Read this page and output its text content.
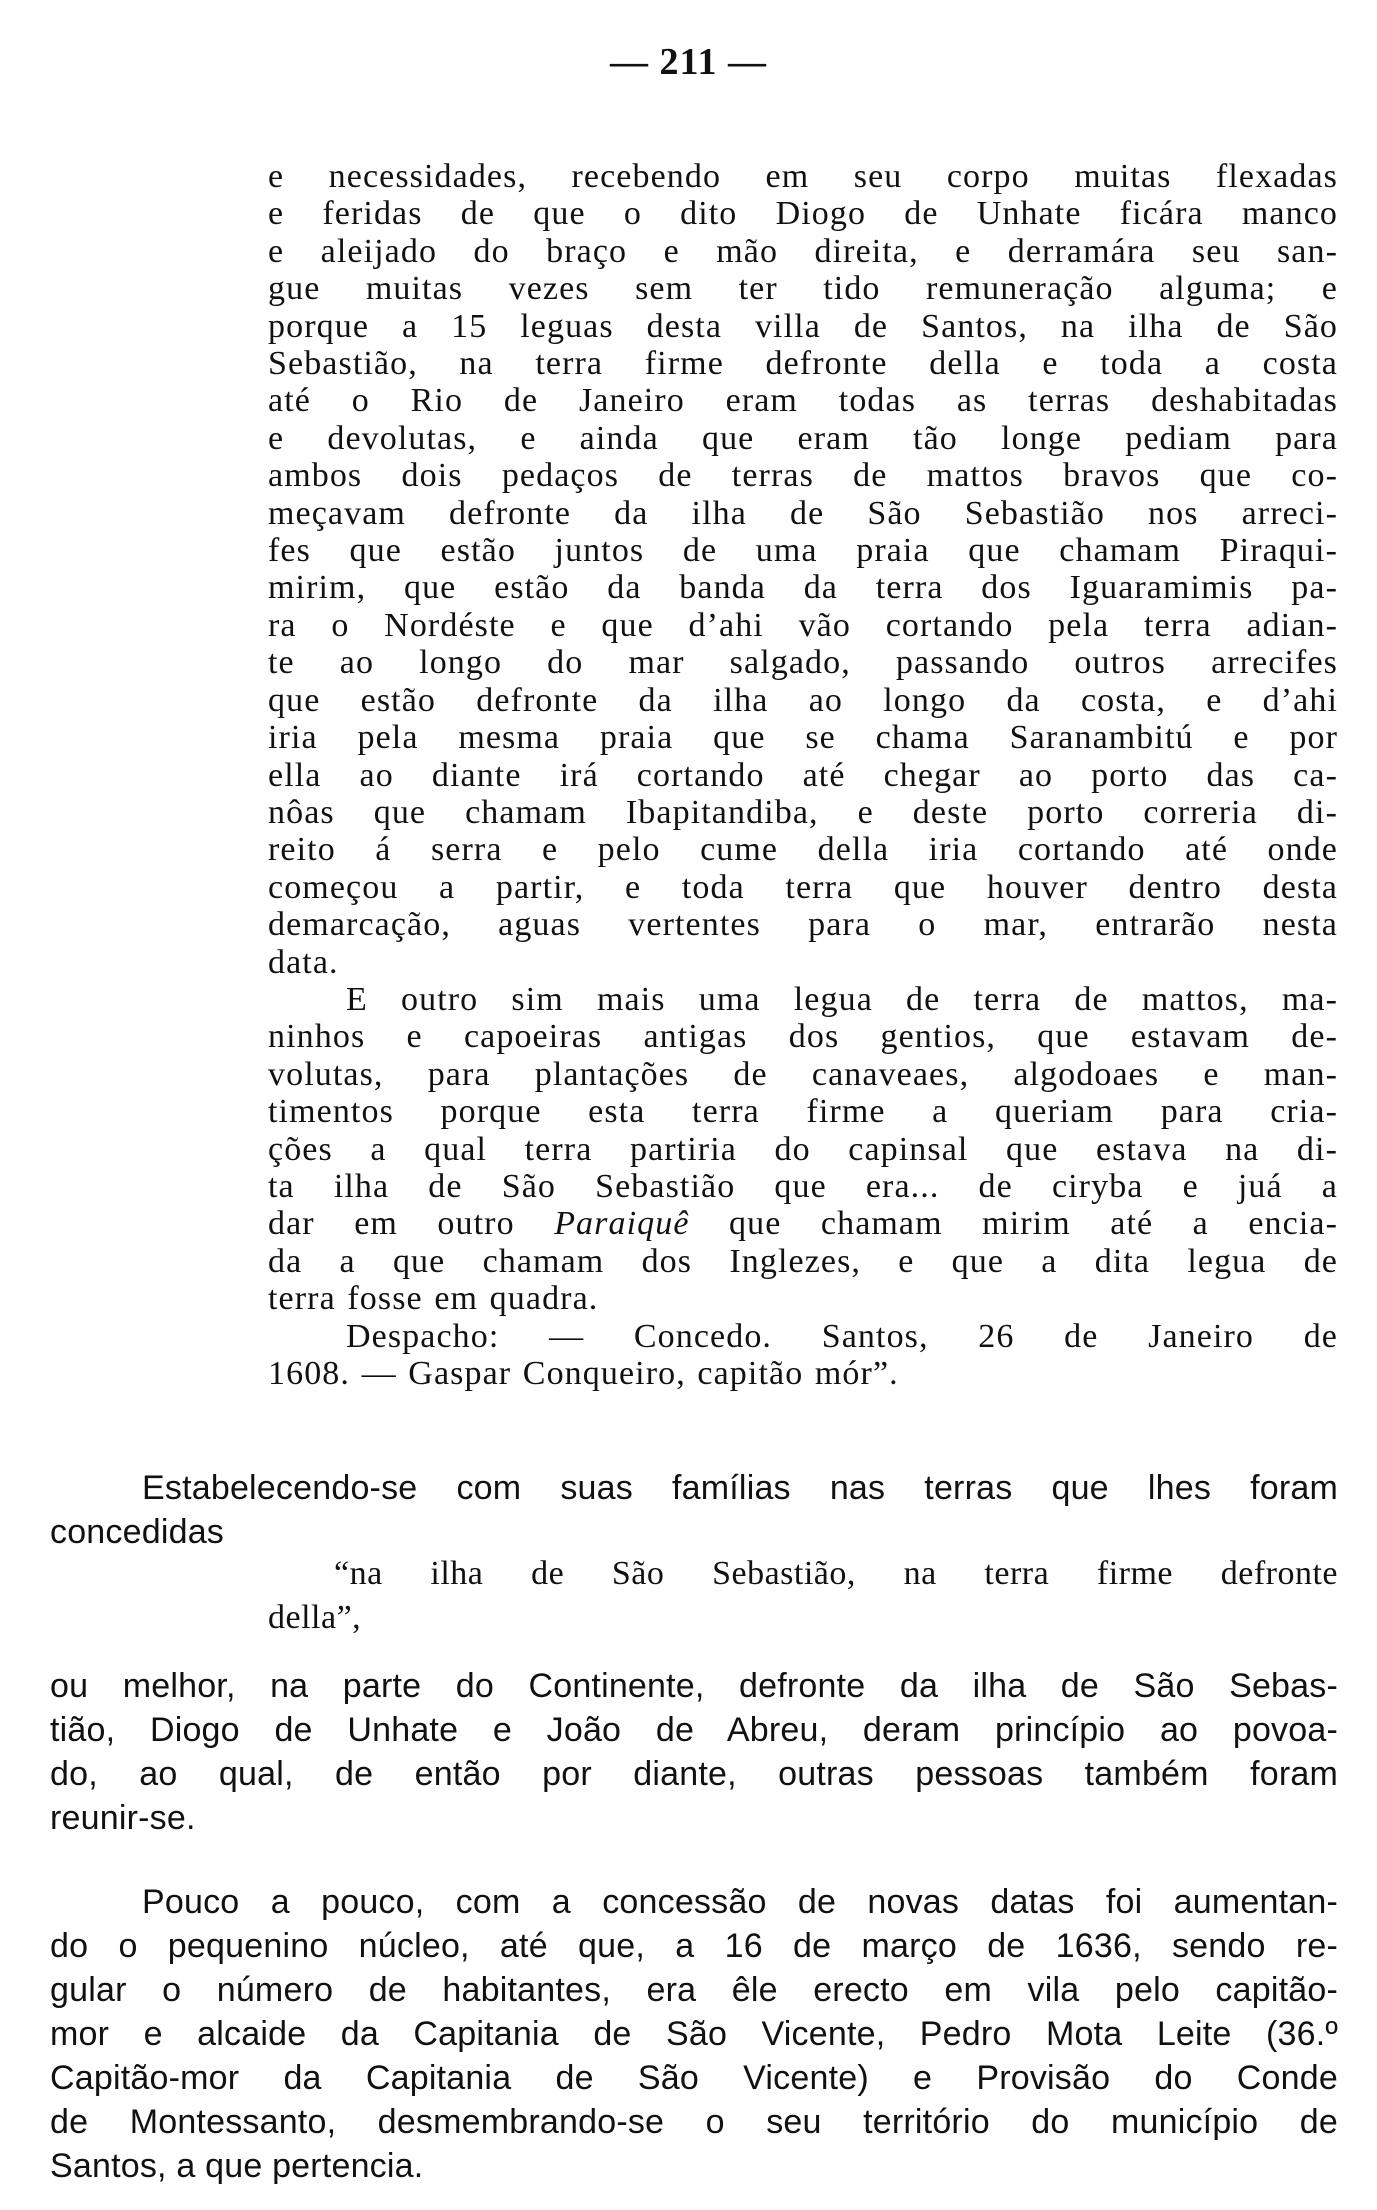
— 211 —
e necessidades, recebendo em seu corpo muitas flexadas
e feridas de que o dito Diogo de Unhate ficára manco
e aleijado do braço e mão direita, e derramára seu san-
gue muitas vezes sem ter tido remuneração alguma; e
porque a 15 leguas desta villa de Santos, na ilha de São
Sebastião, na terra firme defronte della e toda a costa
até o Rio de Janeiro eram todas as terras deshabitadas
e devolutas, e ainda que eram tão longe pediam para
ambos dois pedaços de terras de mattos bravos que co-
meçavam defronte da ilha de São Sebastião nos arreci-
fes que estão juntos de uma praia que chamam Piraqui-
mirim, que estão da banda da terra dos Iguaramimis pa-
ra o Nordéste e que d’ahi vão cortando pela terra adian-
te ao longo do mar salgado, passando outros arrecifes
que estão defronte da ilha ao longo da costa, e d’ahi
iria pela mesma praia que se chama Saranambitú e por
ella ao diante irá cortando até chegar ao porto das ca-
nôas que chamam Ibapitandiba, e deste porto correria di-
reito á serra e pelo cume della iria cortando até onde
começou a partir, e toda terra que houver dentro desta
demarcação, aguas vertentes para o mar, entrarão nesta
data.
E outro sim mais uma legua de terra de mattos, ma-
ninhos e capoeiras antigas dos gentios, que estavam de-
volutas, para plantações de canaveaes, algodoaes e man-
timentos porque esta terra firme a queriam para cria-
ções a qual terra partiria do capinsal que estava na di-
ta ilha de São Sebastião que era... de ciryba e juá a
dar em outro Paraiquê que chamam mirim até a encia-
da a que chamam dos Inglezes, e que a dita legua de
terra fosse em quadra.
Despacho: — Concedo. Santos, 26 de Janeiro de
1608. — Gaspar Conqueiro, capitão mór”.
Estabelecendo-se com suas famílias nas terras que lhes foram
concedidas
“na ilha de São Sebastião, na terra firme defronte
della”,
ou melhor, na parte do Continente, defronte da ilha de São Sebas-
tião, Diogo de Unhate e João de Abreu, deram princípio ao povoa-
do, ao qual, de então por diante, outras pessoas também foram
reunir-se.
Pouco a pouco, com a concessão de novas datas foi aumentan-
do o pequenino núcleo, até que, a 16 de março de 1636, sendo re-
gular o número de habitantes, era êle erecto em vila pelo capitão-
mor e alcaide da Capitania de São Vicente, Pedro Mota Leite (36.º
Capitão-mor da Capitania de São Vicente) e Provisão do Conde
de Montessanto, desmembrando-se o seu território do município de
Santos, a que pertencia.
